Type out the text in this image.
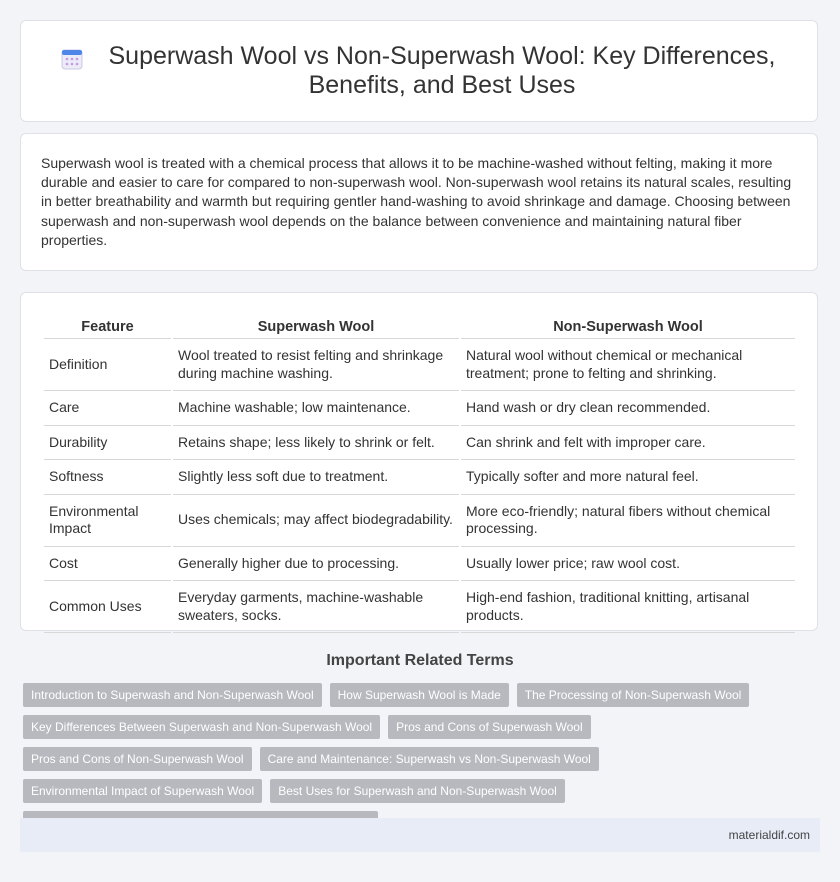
Superwash Wool vs Non-Superwash Wool: Key Differences, Benefits, and Best Uses

Superwash wool is treated with a chemical process that allows it to be machine-washed without felting, making it more durable and easier to care for compared to non-superwash wool. Non-superwash wool retains its natural scales, resulting in better breathability and warmth but requiring gentler hand-washing to avoid shrinkage and damage. Choosing between superwash and non-superwash wool depends on the balance between convenience and maintaining natural fiber properties.

Feature	Superwash Wool	Non-Superwash Wool
Definition	Wool treated to resist felting and shrinkage during machine washing.	Natural wool without chemical or mechanical treatment; prone to felting and shrinking.
Care	Machine washable; low maintenance.	Hand wash or dry clean recommended.
Durability	Retains shape; less likely to shrink or felt.	Can shrink and felt with improper care.
Softness	Slightly less soft due to treatment.	Typically softer and more natural feel.
Environmental Impact	Uses chemicals; may affect biodegradability.	More eco-friendly; natural fibers without chemical processing.
Cost	Generally higher due to processing.	Usually lower price; raw wool cost.
Common Uses	Everyday garments, machine-washable sweaters, socks.	High-end fashion, traditional knitting, artisanal products.
Important Related Terms
Introduction to Superwash and Non-Superwash Wool	How Superwash Wool is Made	The Processing of Non-Superwash Wool
Key Differences Between Superwash and Non-Superwash Wool	Pros and Cons of Superwash Wool
Pros and Cons of Non-Superwash Wool	Care and Maintenance: Superwash vs Non-Superwash Wool
Environmental Impact of Superwash Wool	Best Uses for Superwash and Non-Superwash Wool
materialdif.com
